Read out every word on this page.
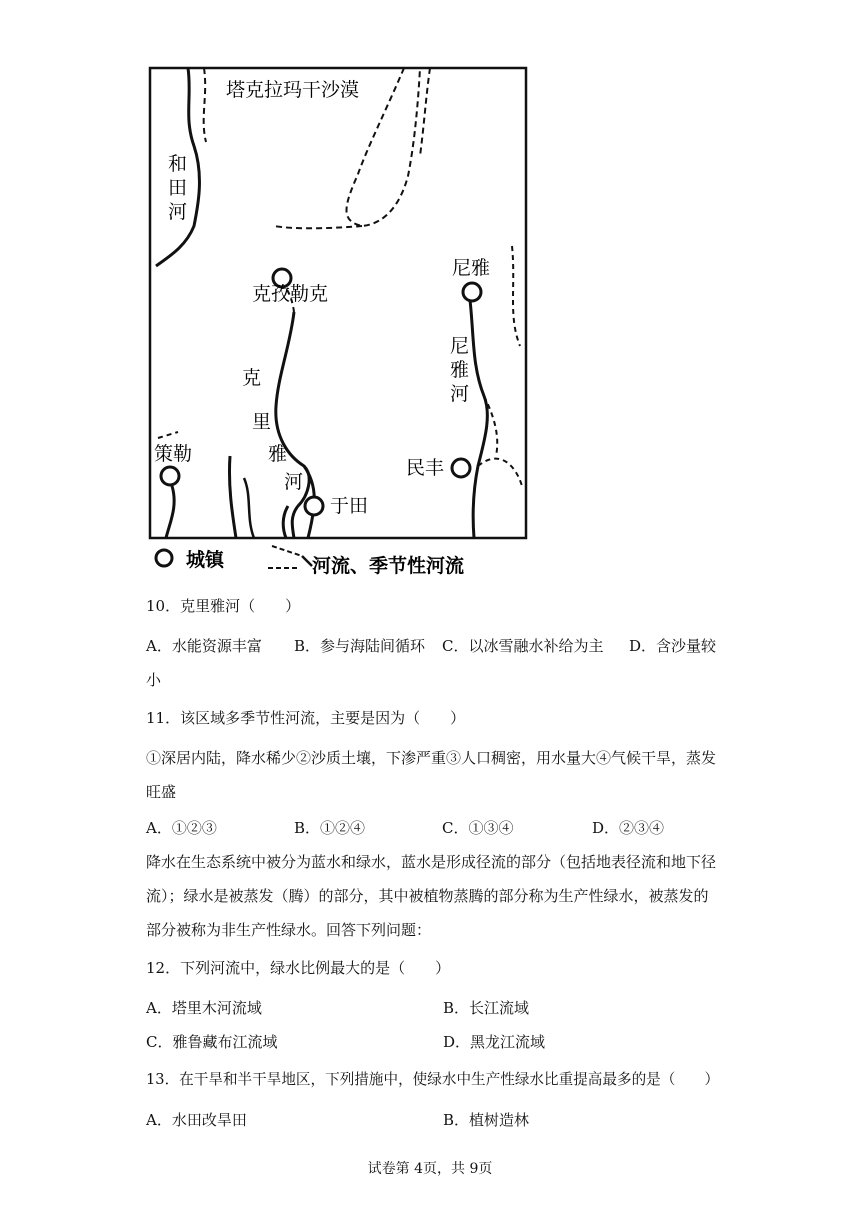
塔克拉玛干沙漠
和
田
河
克孜勒克
尼雅
尼
雅
河
克
里
雅
河
策勒
民丰
于田
城镇	河流、季节性河流
10．克里雅河（　　）
A．水能资源丰富 B．参与海陆间循环 C．以冰雪融水补给为主 D．含沙量较
小
11．该区域多季节性河流，主要是因为（　　）
①深居内陆，降水稀少②沙质土壤，下渗严重③人口稠密，用水量大④气候干旱，蒸发
旺盛
A．①②③	B．①②④	C．①③④	D．②③④
降水在生态系统中被分为蓝水和绿水，蓝水是形成径流的部分（包括地表径流和地下径
流）；绿水是被蒸发（腾）的部分，其中被植物蒸腾的部分称为生产性绿水，被蒸发的
部分被称为非生产性绿水。回答下列问题：
12．下列河流中，绿水比例最大的是（　　）
A．塔里木河流域	B．长江流域
C．雅鲁藏布江流域	D．黑龙江流域
13．在干旱和半干旱地区，下列措施中，使绿水中生产性绿水比重提高最多的是（　　）
A．水田改旱田	B．植树造林
试卷第 4页，共 9页
